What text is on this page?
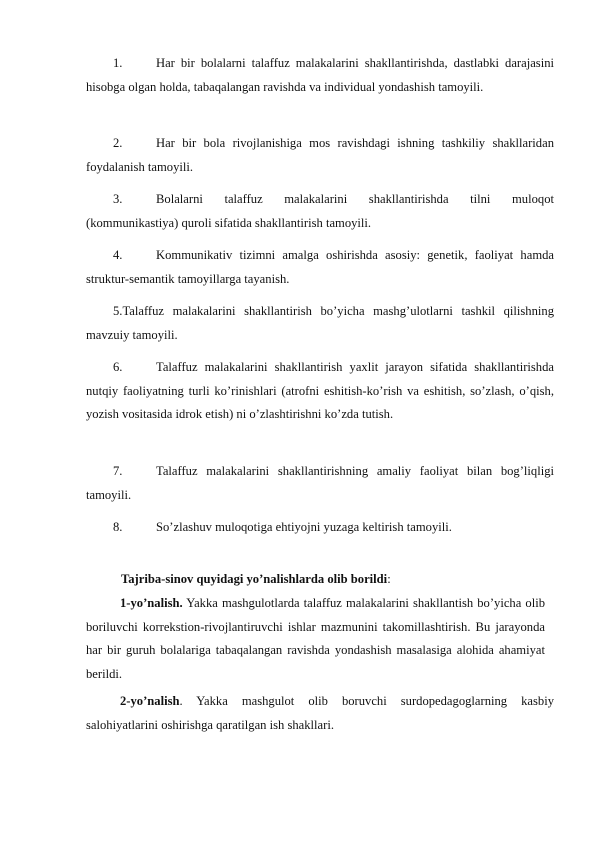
1.	Har bir bolalarni talaffuz malakalarini shakllantirishda, dastlabki darajasini hisobga olgan holda, tabaqalangan ravishda va individual yondashish tamoyili.
2.	Har bir bola rivojlanishiga mos ravishdagi ishning tashkiliy shakllaridan foydalanish tamoyili.
3.	Bolalarni talaffuz malakalarini shakllantirishda tilni muloqot (kommunikastiya) quroli sifatida shakllantirish tamoyili.
4.	Kommunikativ tizimni amalga oshirishda asosiy: genetik, faoliyat hamda struktur-semantik tamoyillarga tayanish.
5.Talaffuz malakalarini shakllantirish bo’yicha mashg’ulotlarni tashkil qilishning mavzuiy tamoyili.
6.	Talaffuz malakalarini shakllantirish yaxlit jarayon sifatida shakllantirishda nutqiy faoliyatning turli ko’rinishlari (atrofni eshitish-ko’rish va eshitish, so’zlash, o’qish, yozish vositasida idrok etish) ni o’zlashtirishni ko’zda tutish.
7.	Talaffuz malakalarini shakllantirishning amaliy faoliyat bilan bog’liqligi tamoyili.
8.	So’zlashuv muloqotiga ehtiyojni yuzaga keltirish tamoyili.
Tajriba-sinov quyidagi yo’nalishlarda olib borildi:
1-yo’nalish. Yakka mashgulotlarda talaffuz malakalarini shakllantish bo’yicha olib boriluvchi korrekstion-rivojlantiruvchi ishlar mazmunini takomillashtirish. Bu jarayonda har bir guruh bolalariga tabaqalangan ravishda yondashish masalasiga alohida ahamiyat berildi.
2-yo’nalish. Yakka mashgulot olib boruvchi surdopedagoglarning kasbiy salohiyatlarini oshirishga qaratilgan ish shakllari.
